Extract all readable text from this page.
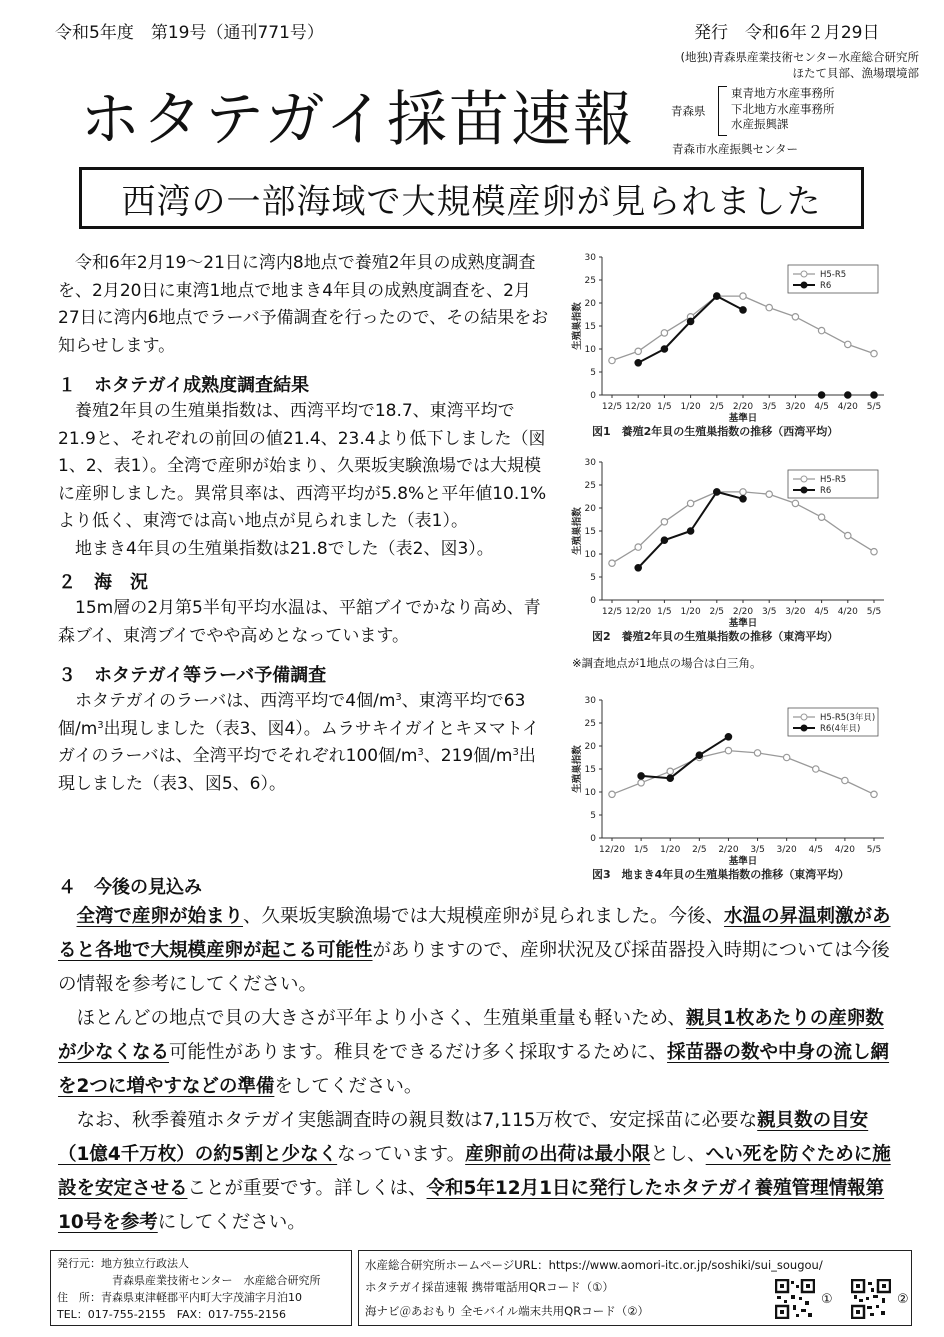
令和5年度　第19号（通刊771号）	発行　令和6年２月29日
ホタテガイ採苗速報
(地独)青森県産業技術センター水産総合研究所
ほたて貝部、漁場環境部
青森県
東青地方水産事務所
下北地方水産事務所
水産振興課
青森市水産振興センター
西湾の一部海域で大規模産卵が見られました

令和6年2月19～21日に湾内8地点で養殖2年貝の成熟度調査を、2月20日に東湾1地点で地まき4年貝の成熟度調査を、2月27日に湾内6地点でラーバ予備調査を行ったので、その結果をお知らせします。

１　ホタテガイ成熟度調査結果

養殖2年貝の生殖巣指数は、西湾平均で18.7、東湾平均で21.9と、それぞれの前回の値21.4、23.4より低下しました（図1、2、表1）。全湾で産卵が始まり、久栗坂実験漁場では大規模に産卵しました。異常貝率は、西湾平均が5.8%と平年値10.1%より低く、東湾では高い地点が見られました（表1）。

地まき4年貝の生殖巣指数は21.8でした（表2、図3）。

２　海　況

15m層の2月第5半旬平均水温は、平舘ブイでかなり高め、青森ブイ、東湾ブイでやや高めとなっています。

３　ホタテガイ等ラーバ予備調査

ホタテガイのラーバは、西湾平均で4個$/m^3$、東湾平均で63個$/m^3$出現しました（表3、図4）。ムラサキイガイとキヌマトイガイのラーバは、全湾平均でそれぞれ100個$/m^3$、219個$/m^3$出現しました（表3、図5、6）。

0
5
10
15
20
25
30
12/5 12/20 1/5 1/20 2/5 2/20 3/5 3/20 4/5 4/20 5/5
基準日
生殖巣指数
H5-R5
R6
図1　養殖2年貝の生殖巣指数の推移（西湾平均）
0
5
10
15
20
25
30
12/5 12/20 1/5 1/20 2/5 2/20 3/5 3/20 4/5 4/20 5/5
基準日
生殖巣指数
H5-R5
R6
図2　養殖2年貝の生殖巣指数の推移（東湾平均）
※調査地点が1地点の場合は白三角。
0
5
10
15
20
25
30
12/20 1/5 1/20 2/5 2/20 3/5 3/20 4/5 4/20 5/5
基準日
生殖巣指数
H5-R5(3年貝)
R6(4年貝)
図3　地まき4年貝の生殖巣指数の推移（東湾平均）

４　今後の見込み

全湾で産卵が始まり、久栗坂実験漁場では大規模産卵が見られました。今後、水温の昇温刺激があると各地で大規模産卵が起こる可能性がありますので、産卵状況及び採苗器投入時期については今後の情報を参考にしてください。

ほとんどの地点で貝の大きさが平年より小さく、生殖巣重量も軽いため、親貝1枚あたりの産卵数が少なくなる可能性があります。稚貝をできるだけ多く採取するために、採苗器の数や中身の流し網を2つに増やすなどの準備をしてください。

なお、秋季養殖ホタテガイ実態調査時の親貝数は7,115万枚で、安定採苗に必要な親貝数の目安（1億4千万枚）の約5割と少なくなっています。産卵前の出荷は最小限とし、へい死を防ぐために施設を安定させることが重要です。詳しくは、令和5年12月1日に発行したホタテガイ養殖管理情報第10号を参考にしてください。

発行元：地方独立行政法人
　　　　　青森県産業技術センター　水産総合研究所
住　所：青森県東津軽郡平内町大字茂浦字月泊10
TEL：017-755-2155　FAX：017-755-2156
水産総合研究所ホームページURL：https://www.aomori-itc.or.jp/soshiki/sui_sougou/
ホタテガイ採苗速報 携帯電話用QRコード（①）
海ナビ＠あおもり 全モバイル端末共用QRコード（②）
①	②
